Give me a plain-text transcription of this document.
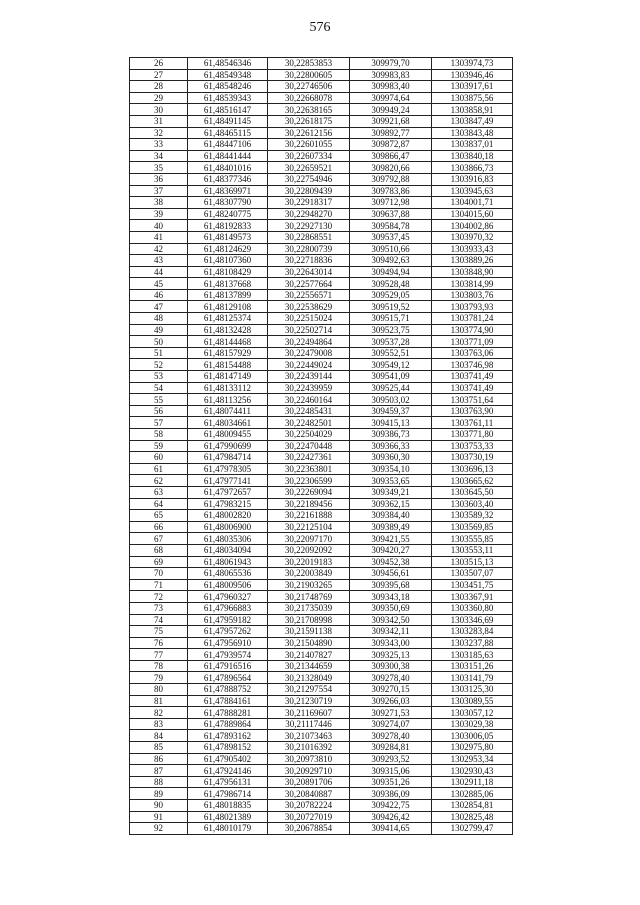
576
26	61,48546346	30,22853853	309979,70	1303974,73
27	61,48549348	30,22800605	309983,83	1303946,46
28	61,48548246	30,22746506	309983,40	1303917,61
29	61,48539343	30,22668078	309974,64	1303875,56
30	61,48516147	30,22638165	309949,24	1303858,91
31	61,48491145	30,22618175	309921,68	1303847,49
32	61,48465115	30,22612156	309892,77	1303843,48
33	61,48447106	30,22601055	309872,87	1303837,01
34	61,48441444	30,22607334	309866,47	1303840,18
35	61,48401016	30,22659521	309820,66	1303866,73
36	61,48377346	30,22754946	309792,88	1303916,83
37	61,48369971	30,22809439	309783,86	1303945,63
38	61,48307790	30,22918317	309712,98	1304001,71
39	61,48240775	30,22948270	309637,88	1304015,60
40	61,48192833	30,22927130	309584,78	1304002,86
41	61,48149573	30,22868551	309537,45	1303970,32
42	61,48124629	30,22800739	309510,66	1303933,43
43	61,48107360	30,22718836	309492,63	1303889,26
44	61,48108429	30,22643014	309494,94	1303848,90
45	61,48137668	30,22577664	309528,48	1303814,99
46	61,48137899	30,22556571	309529,05	1303803,76
47	61,48129108	30,22538629	309519,52	1303793,93
48	61,48125374	30,22515024	309515,71	1303781,24
49	61,48132428	30,22502714	309523,75	1303774,90
50	61,48144468	30,22494864	309537,28	1303771,09
51	61,48157929	30,22479008	309552,51	1303763,06
52	61,48154488	30,22449024	309549,12	1303746,98
53	61,48147149	30,22439144	309541,09	1303741,49
54	61,48133112	30,22439959	309525,44	1303741,49
55	61,48113256	30,22460164	309503,02	1303751,64
56	61,48074411	30,22485431	309459,37	1303763,90
57	61,48034661	30,22482501	309415,13	1303761,11
58	61,48009455	30,22504029	309386,73	1303771,80
59	61,47990699	30,22470448	309366,33	1303753,33
60	61,47984714	30,22427361	309360,30	1303730,19
61	61,47978305	30,22363801	309354,10	1303696,13
62	61,47977141	30,22306599	309353,65	1303665,62
63	61,47972657	30,22269094	309349,21	1303645,50
64	61,47983215	30,22189456	309362,15	1303603,40
65	61,48002820	30,22161888	309384,40	1303589,32
66	61,48006900	30,22125104	309389,49	1303569,85
67	61,48035306	30,22097170	309421,55	1303555,85
68	61,48034094	30,22092092	309420,27	1303553,11
69	61,48061943	30,22019183	309452,38	1303515,13
70	61,48065536	30,22003849	309456,61	1303507,07
71	61,48009506	30,21903265	309395,68	1303451,75
72	61,47960327	30,21748769	309343,18	1303367,91
73	61,47966883	30,21735039	309350,69	1303360,80
74	61,47959182	30,21708998	309342,50	1303346,69
75	61,47957262	30,21591138	309342,11	1303283,84
76	61,47956910	30,21504890	309343,00	1303237,88
77	61,47939574	30,21407827	309325,13	1303185,63
78	61,47916516	30,21344659	309300,38	1303151,26
79	61,47896564	30,21328049	309278,40	1303141,79
80	61,47888752	30,21297554	309270,15	1303125,30
81	61,47884161	30,21230719	309266,03	1303089,55
82	61,47888281	30,21169607	309271,53	1303057,12
83	61,47889864	30,21117446	309274,07	1303029,38
84	61,47893162	30,21073463	309278,40	1303006,05
85	61,47898152	30,21016392	309284,81	1302975,80
86	61,47905402	30,20973810	309293,52	1302953,34
87	61,47924146	30,20929710	309315,06	1302930,43
88	61,47956131	30,20891706	309351,26	1302911,18
89	61,47986714	30,20840887	309386,09	1302885,06
90	61,48018835	30,20782224	309422,75	1302854,81
91	61,48021389	30,20727019	309426,42	1302825,48
92	61,48010179	30,20678854	309414,65	1302799,47
